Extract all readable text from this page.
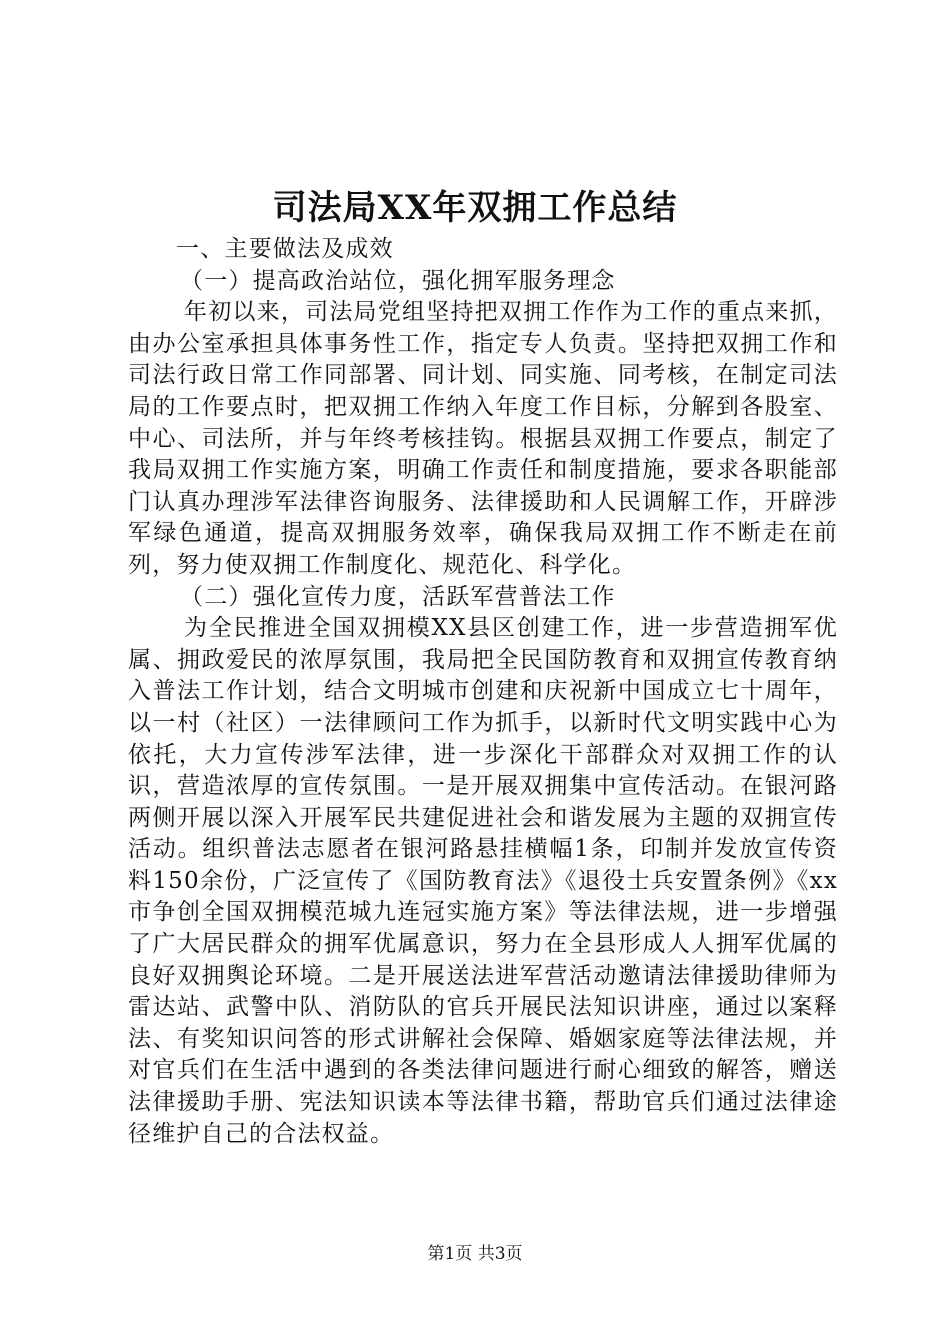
司法局XX年双拥工作总结

一、主要做法及成效

（一）提高政治站位，强化拥军服务理念

年初以来，司法局党组坚持把双拥工作作为工作的重点来抓，由办公室承担具体事务性工作，指定专人负责。坚持把双拥工作和司法行政日常工作同部署、同计划、同实施、同考核，在制定司法局的工作要点时，把双拥工作纳入年度工作目标，分解到各股室、中心、司法所，并与年终考核挂钩。根据县双拥工作要点，制定了我局双拥工作实施方案，明确工作责任和制度措施，要求各职能部门认真办理涉军法律咨询服务、法律援助和人民调解工作，开辟涉军绿色通道，提高双拥服务效率，确保我局双拥工作不断走在前列，努力使双拥工作制度化、规范化、科学化。

（二）强化宣传力度，活跃军营普法工作

为全民推进全国双拥模XX县区创建工作，进一步营造拥军优属、拥政爱民的浓厚氛围，我局把全民国防教育和双拥宣传教育纳入普法工作计划，结合文明城市创建和庆祝新中国成立七十周年，以一村（社区）一法律顾问工作为抓手，以新时代文明实践中心为依托，大力宣传涉军法律，进一步深化干部群众对双拥工作的认识，营造浓厚的宣传氛围。一是开展双拥集中宣传活动。在银河路两侧开展以深入开展军民共建促进社会和谐发展为主题的双拥宣传活动。组织普法志愿者在银河路悬挂横幅1条，印制并发放宣传资料150余份，广泛宣传了《国防教育法》《退役士兵安置条例》《xx市争创全国双拥模范城九连冠实施方案》等法律法规，进一步增强了广大居民群众的拥军优属意识，努力在全县形成人人拥军优属的良好双拥舆论环境。二是开展送法进军营活动邀请法律援助律师为雷达站、武警中队、消防队的官兵开展民法知识讲座，通过以案释法、有奖知识问答的形式讲解社会保障、婚姻家庭等法律法规，并对官兵们在生活中遇到的各类法律问题进行耐心细致的解答，赠送法律援助手册、宪法知识读本等法律书籍，帮助官兵们通过法律途径维护自己的合法权益。

第1页 共3页
